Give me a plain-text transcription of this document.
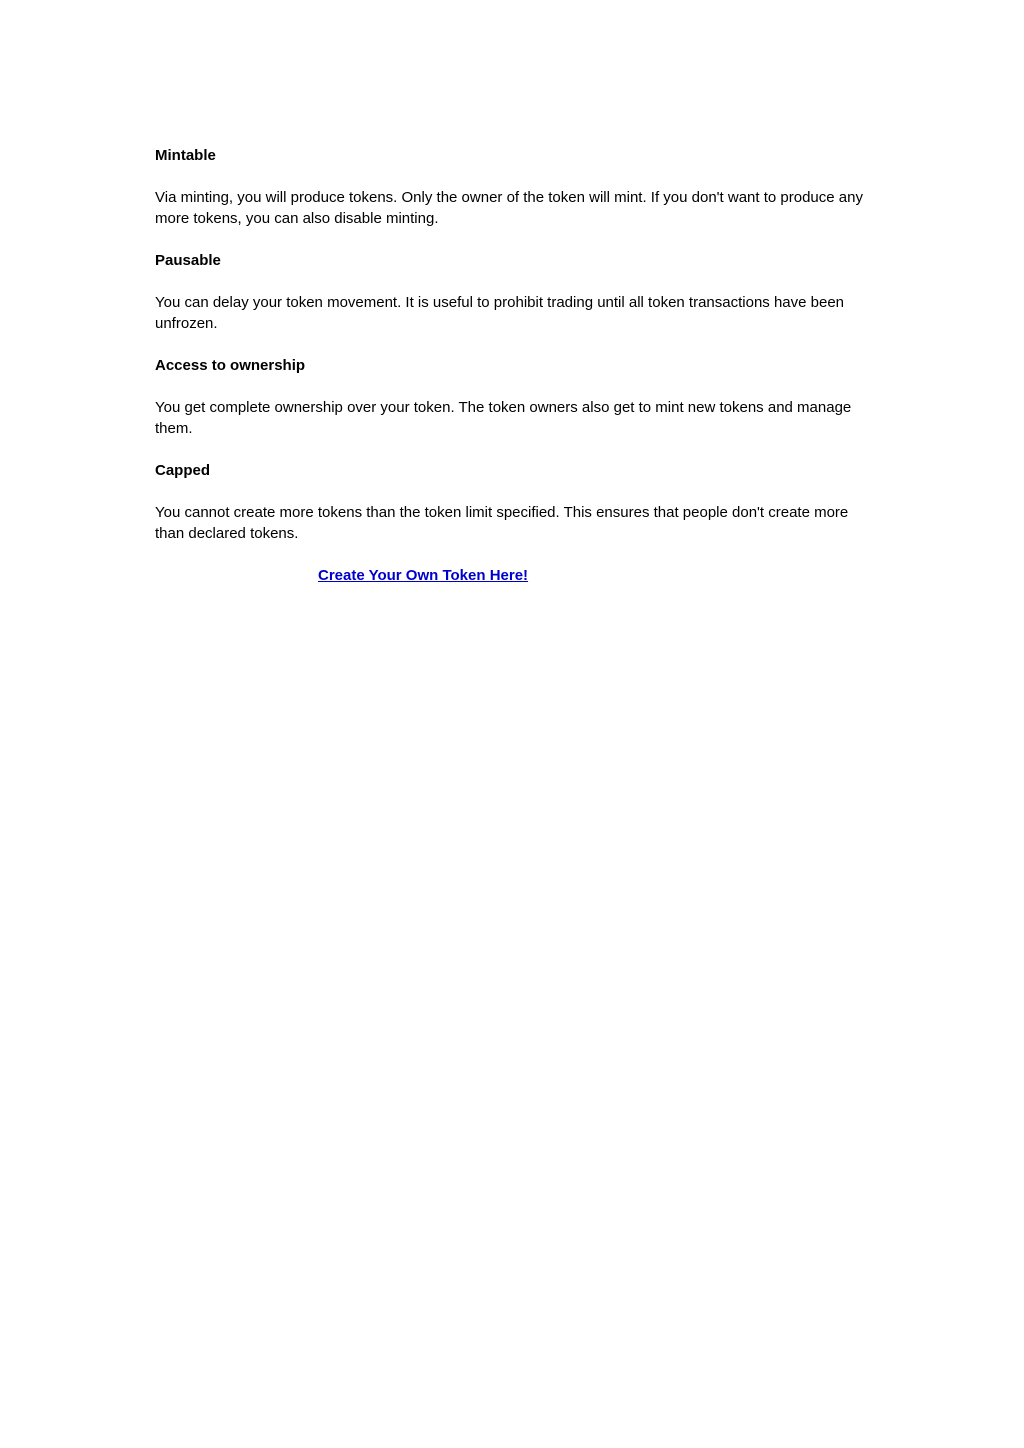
Mintable

Via minting, you will produce tokens. Only the owner of the token will mint. If you don't want to produce any more tokens, you can also disable minting.

Pausable

You can delay your token movement. It is useful to prohibit trading until all token transactions have been unfrozen.

Access to ownership

You get complete ownership over your token. The token owners also get to mint new tokens and manage them.

Capped

You cannot create more tokens than the token limit specified. This ensures that people don't create more than declared tokens.

Create Your Own Token Here!
